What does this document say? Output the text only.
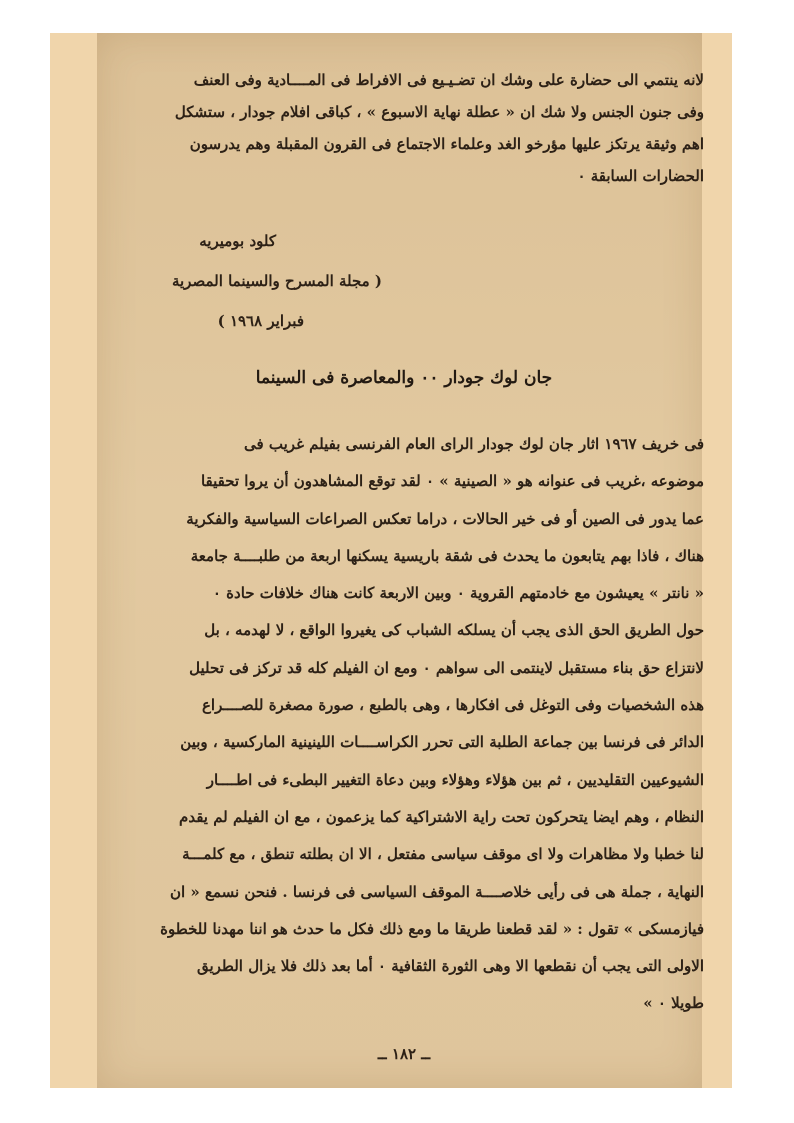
لانه ينتمي الى حضارة على وشك ان تضـيـيع فى الافراط فى المــــادية وفى العنف

وفى جنون الجنس ولا شك ان « عطلة نهاية الاسبوع » ، كباقى افلام جودار ، ستشكل

اهم وثيقة يرتكز عليها مؤرخو الغد وعلماء الاجتماع فى القرون المقبلة وهم يدرسون

الحضارات السابقة ٠

كلود بوميريه
( مجلة المسرح والسينما المصرية
فبراير ١٩٦٨ )
جان لوك جودار ٠٠ والمعاصرة فى السينما

فى خريف ١٩٦٧ اثار جان لوك جودار الراى العام الفرنسى بفيلم غريب فى

موضوعه ،غريب فى عنوانه هو « الصينية » ٠ لقد توقع المشاهدون أن يروا تحقيقا

عما يدور فى الصين أو فى خير الحالات ، دراما تعكس الصراعات السياسية والفكرية

هناك ، فاذا بهم يتابعون ما يحدث فى شقة باريسية يسكنها اربعة من طلبــــة جامعة

« نانتر » يعيشون مع خادمتهم القروية ٠ وبين الاربعة كانت هناك خلافات حادة ٠

حول الطريق الحق الذى يجب أن يسلكه الشباب كى يغيروا الواقع ، لا لهدمه ، بل

لانتزاع حق بناء مستقبل لاينتمى الى سواهم ٠ ومع ان الفيلم كله قد تركز فى تحليل

هذه الشخصيات وفى التوغل فى افكارها ، وهى بالطبع ، صورة مصغرة للصــــراع

الدائر فى فرنسا بين جماعة الطلبة التى تحرر الكراســــات اللينينية الماركسية ، وبين

الشيوعيين التقليديين ، ثم بين هؤلاء وهؤلاء وبين دعاة التغيير البطىء فى اطــــار

النظام ، وهم ايضا يتحركون تحت راية الاشتراكية كما يزعمون ، مع ان الفيلم لم يقدم

لنا خطبا ولا مظاهرات ولا اى موقف سياسى مفتعل ، الا ان بطلته تنطق ، مع كلمـــة

النهاية ، جملة هى فى رأيى خلاصــــة الموقف السياسى فى فرنسا . فنحن نسمع « ان

فيازمسكى » تقول : « لقد قطعنا طريقا ما ومع ذلك فكل ما حدث هو اننا مهدنا للخطوة

الاولى التى يجب أن نقطعها الا وهى الثورة الثقافية ٠ أما بعد ذلك فلا يزال الطريق

طويلا ٠ »

ــ ١٨٢ ــ
